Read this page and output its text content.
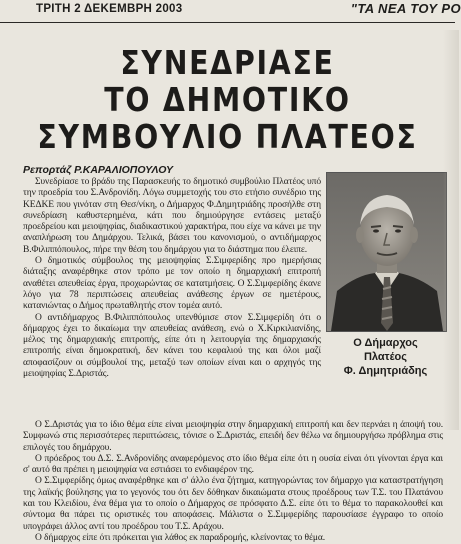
ΤΡΙΤΗ 2 ΔΕΚΕΜΒΡΗ 2003	"ΤΑ ΝΕΑ ΤΟΥ ΡΟ
ΣΥΝΕΔΡΙΑΣΕ
ΤΟ ΔΗΜΟΤΙΚΟ
ΣΥΜΒΟΥΛΙΟ ΠΛΑΤΕΟΣ
Ρεπορτάζ Ρ.ΚΑΡΑΛΙΟΠΟΥΛΟΥ

Συνεδρίασε το βράδυ της Παρασκευής το δημοτικό συμβούλιο Πλατέος υπό την προεδρία του Σ.Ανδρονίδη. Λόγω συμμετοχής του στο ετήσιο συνέδριο της ΚΕΔΚΕ που γινόταν στη Θεσ/νίκη, ο Δήμαρχος Φ.Δημητριάδης προσήλθε στη συνεδρίαση καθυστερημένα, κάτι που δημιούργησε εντάσεις μεταξύ προεδρείου και μειοψηφίας, διαδικαστικού χαρακτήρα, που είχε να κάνει με την αναπλήρωση του Δημάρχου. Τελικά, βάσει του κανονισμού, ο αντιδήμαρχος Β.Φιλιππόπουλος, πήρε την θέση του δημάρχου για το διάστημα που έλειπε.

Ο δημοτικός σύμβουλος της μειοψηφίας Σ.Σιμφερίδης προ ημερήσιας διάταξης αναφέρθηκε στον τρόπο με τον οποίο η δημαρχιακή επιτροπή αναθέτει απευθείας έργα, προχωρώντας σε κατατμήσεις. Ο Σ.Σιμφερίδης έκανε λόγο για 78 περιπτώσεις απευθείας ανάθεσης έργων σε ημετέρους, κατανιώντας ο Δήμος πρωταθλητής στον τομέα αυτό.

Ο αντιδήμαρχος Β.Φιλιππόπουλος υπενθύμισε στον Σ.Σιμφερίδη ότι ο δήμαρχος έχει το δικαίωμα την απευθείας ανάθεση, ενώ ο Χ.Κιρκιλιανίδης, μέλος της δημαρχιακής επιτροπής, είπε ότι η λειτουργία της δημαρχιακής επιτροπής είναι δημοκρατική, δεν κάνει του κεφαλιού της και όλοι μαζί αποφασίζουν οι σύμβουλοί της, μεταξύ των οποίων είναι και ο αρχηγός της μειοψηφίας Σ.Δριστάς.

Ο Δήμαρχος
Πλατέος
Φ. Δημητριάδης

Ο Σ.Δριστάς για το ίδιο θέμα είπε είναι μειοψηφία στην δημαρχιακή επιτροπή και δεν περνάει η άποψή του. Συμφωνώ στις περισσότερες περιπτώσεις, τόνισε ο Σ.Δριστάς, επειδή δεν θέλω να δημιουργήσω πρόβλημα στις επιλογές του δημάρχου.

Ο πρόεδρος του Δ.Σ. Σ.Ανδρονίδης αναφερόμενος στο ίδιο θέμα είπε ότι η ουσία είναι ότι γίνονται έργα και σ' αυτό θα πρέπει η μειοψηφία να εστιάσει το ενδιαφέρον της.

Ο Σ.Σιμφερίδης όμως αναφέρθηκε και σ' άλλο ένα ζήτημα, κατηγορώντας τον δήμαρχο για καταστρατήγηση της λαϊκής βούλησης για το γεγονός του ότι δεν δόθηκαν δικαιώματα στους προέδρους των Τ.Σ. του Πλατάνου και του Κλειδίου, ένα θέμα για το οποίο ο Δήμαρχος σε πρόσφατο Δ.Σ. είπε ότι το θέμα το παρακολουθεί και σύντομα θα πάρει τις οριστικές του αποφάσεις. Μάλιστα ο Σ.Σιμφερίδης παρουσίασε έγγραφο το οποίο υπογράφει άλλος αντί του προέδρου του Τ.Σ. Αράχου.

Ο δήμαρχος είπε ότι πρόκειται για λάθος εκ παραδρομής, κλείνοντας το θέμα.
